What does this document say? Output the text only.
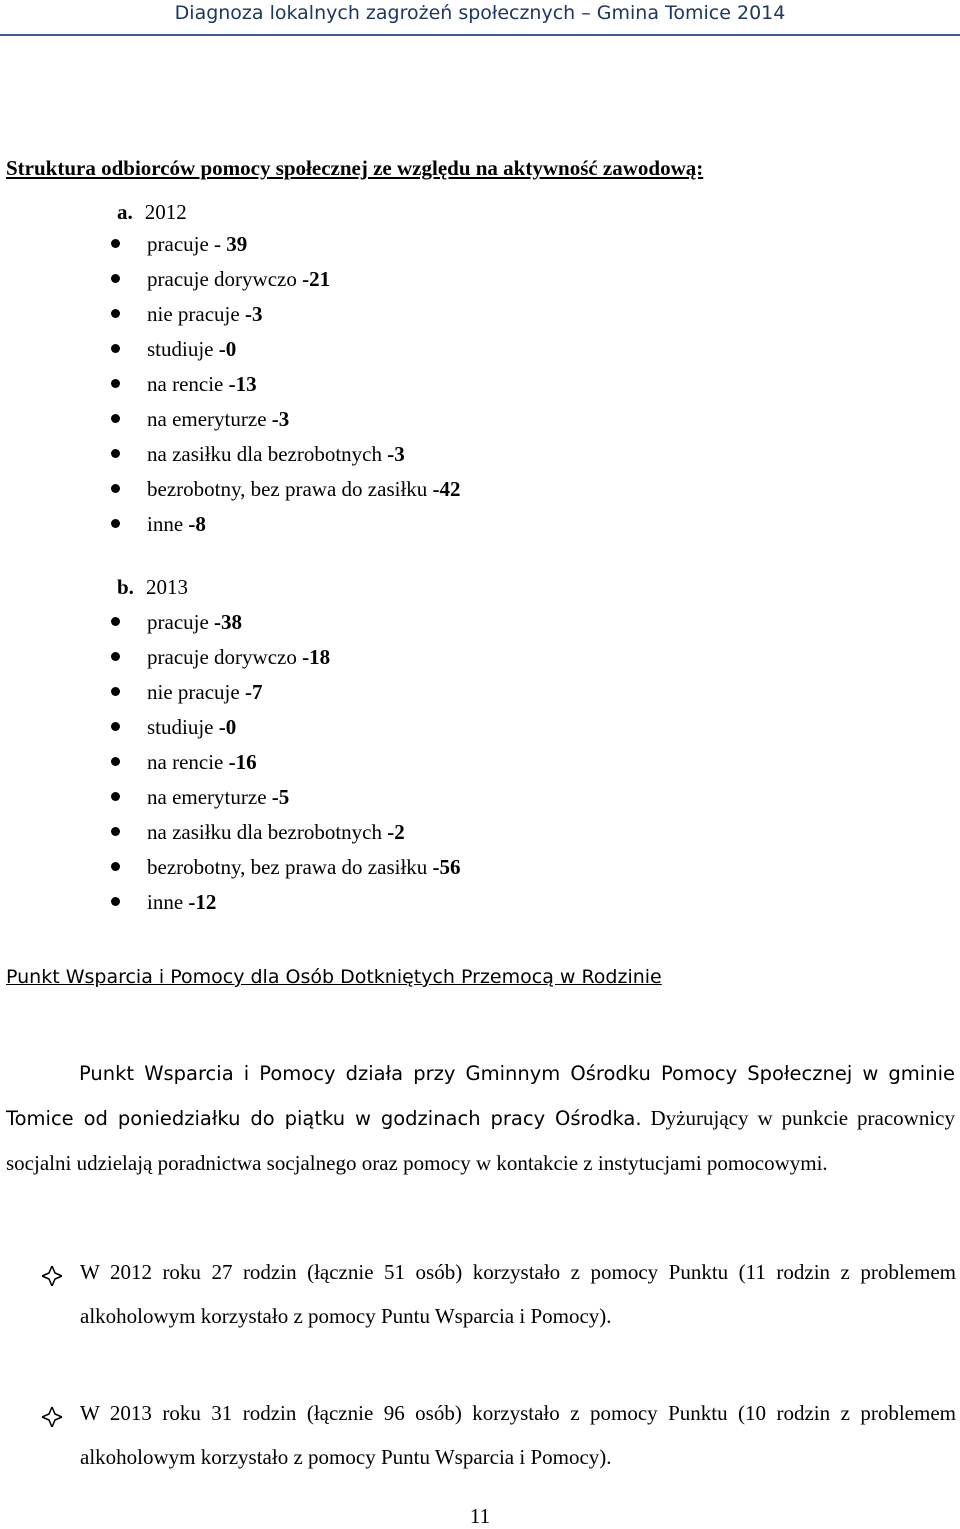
Diagnoza lokalnych zagrożeń społecznych – Gmina Tomice 2014
Struktura odbiorców pomocy społecznej ze względu na aktywność zawodową:
a. 2012
pracuje - 39
pracuje dorywczo -21
nie pracuje -3
studiuje -0
na rencie -13
na emeryturze -3
na zasiłku dla bezrobotnych -3
bezrobotny, bez prawa do zasiłku -42
inne -8
b. 2013
pracuje -38
pracuje dorywczo -18
nie pracuje -7
studiuje -0
na rencie -16
na emeryturze -5
na zasiłku dla bezrobotnych -2
bezrobotny, bez prawa do zasiłku -56
inne -12
Punkt Wsparcia i Pomocy dla Osób Dotkniętych Przemocą w Rodzinie
Punkt Wsparcia i Pomocy działa przy Gminnym Ośrodku Pomocy Społecznej w gminie Tomice od poniedziałku do piątku w godzinach pracy Ośrodka. Dyżurujący w punkcie pracownicy socjalni udzielają poradnictwa socjalnego oraz pomocy w kontakcie z instytucjami pomocowymi.
W 2012 roku 27 rodzin (łącznie 51 osób) korzystało z pomocy Punktu (11 rodzin z problemem alkoholowym korzystało z pomocy Puntu Wsparcia i Pomocy).
W 2013 roku 31 rodzin (łącznie 96 osób) korzystało z pomocy Punktu (10 rodzin z problemem alkoholowym korzystało z pomocy Puntu Wsparcia i Pomocy).
11
